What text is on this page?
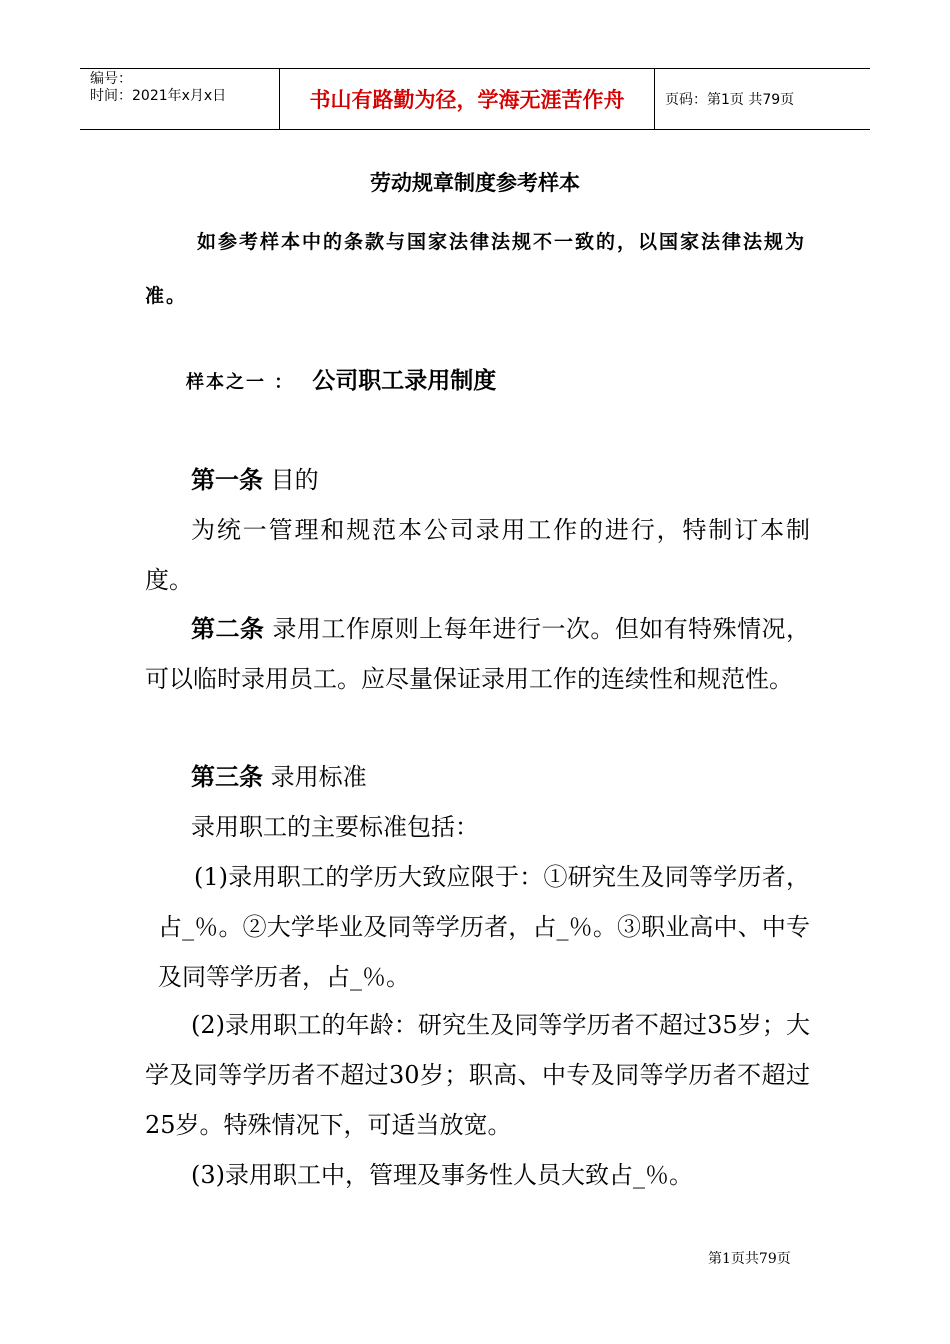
编号：
时间：2021年x月x日	书山有路勤为径，学海无涯苦作舟	页码：第1页 共79页
劳动规章制度参考样本
如参考样本中的条款与国家法律法规不一致的，以国家法律法规为准。
样本之一 ： 公司职工录用制度
第一条 目的
为统一管理和规范本公司录用工作的进行，特制订本制度。
第二条 录用工作原则上每年进行一次。但如有特殊情况，可以临时录用员工。应尽量保证录用工作的连续性和规范性。
第三条 录用标准
录用职工的主要标准包括：
(1)录用职工的学历大致应限于：①研究生及同等学历者，占_％。②大学毕业及同等学历者，占_％。③职业高中、中专及同等学历者，占_％。
(2)录用职工的年龄：研究生及同等学历者不超过35岁；大学及同等学历者不超过30岁；职高、中专及同等学历者不超过25岁。特殊情况下，可适当放宽。
(3)录用职工中，管理及事务性人员大致占_％。
第1页共79页
